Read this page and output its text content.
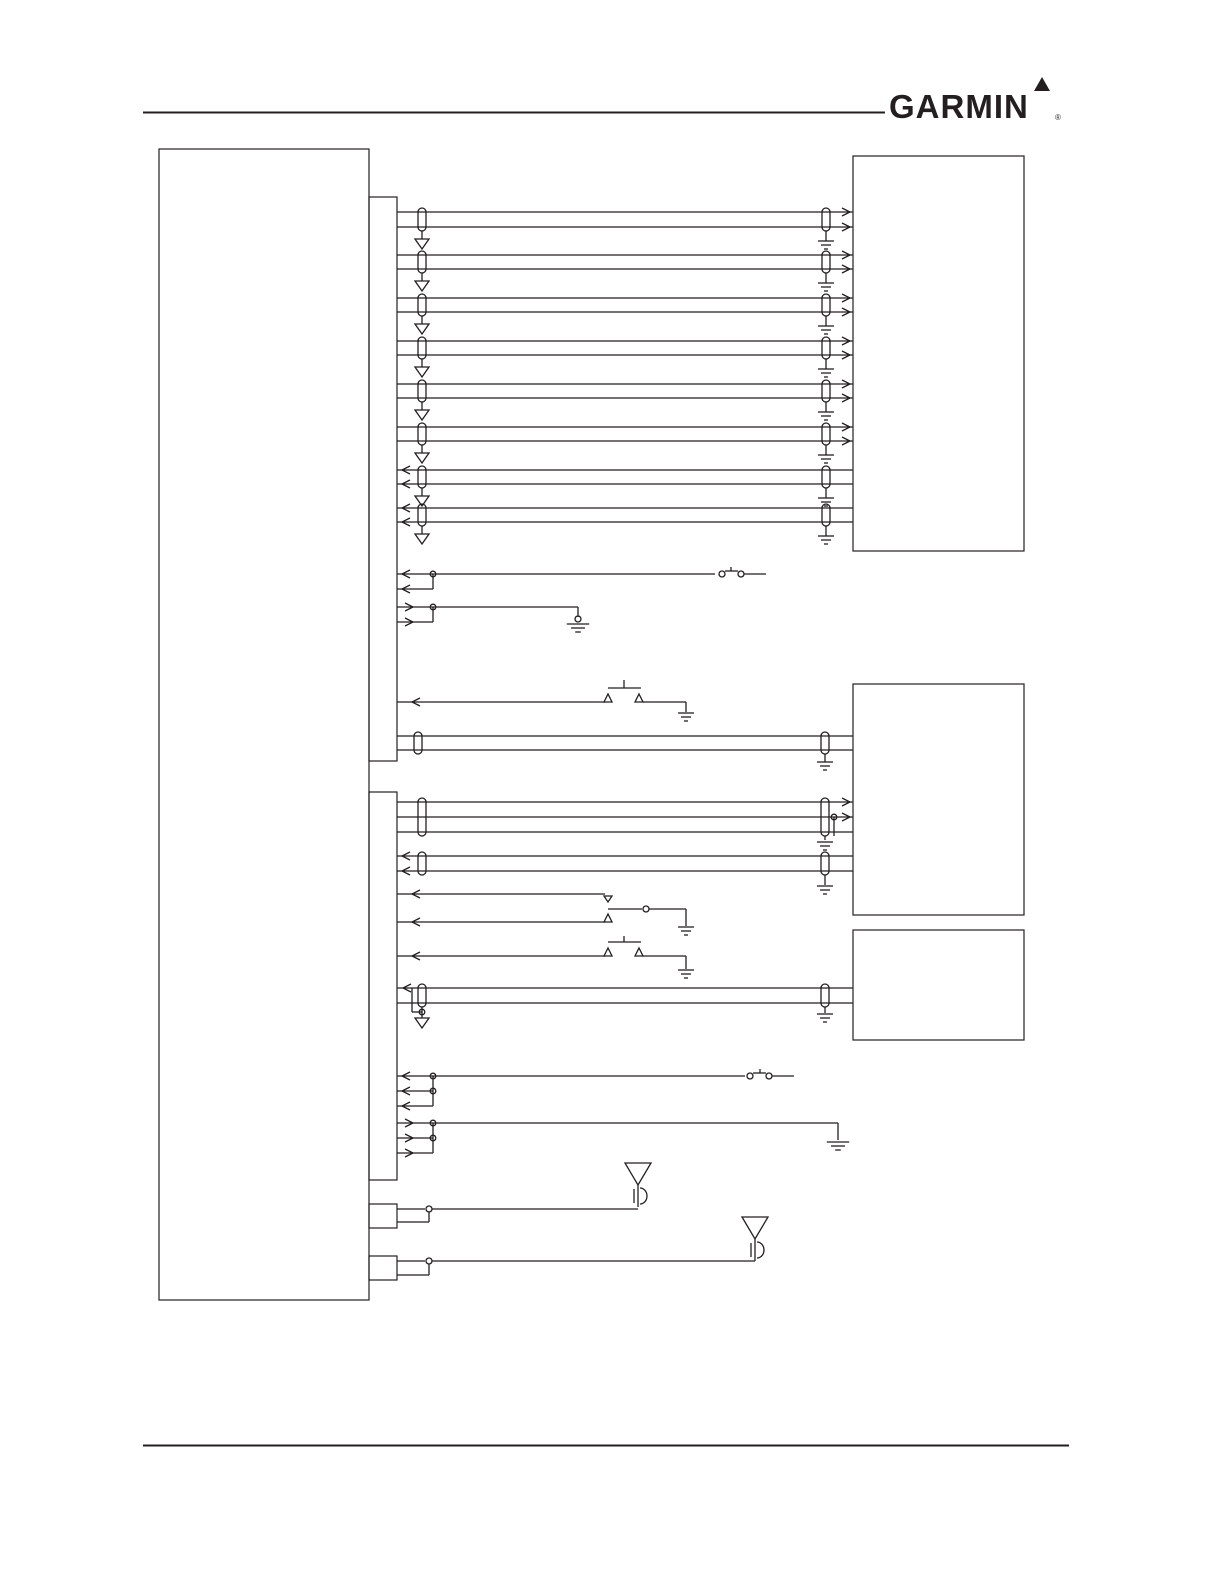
GARMIN	®
